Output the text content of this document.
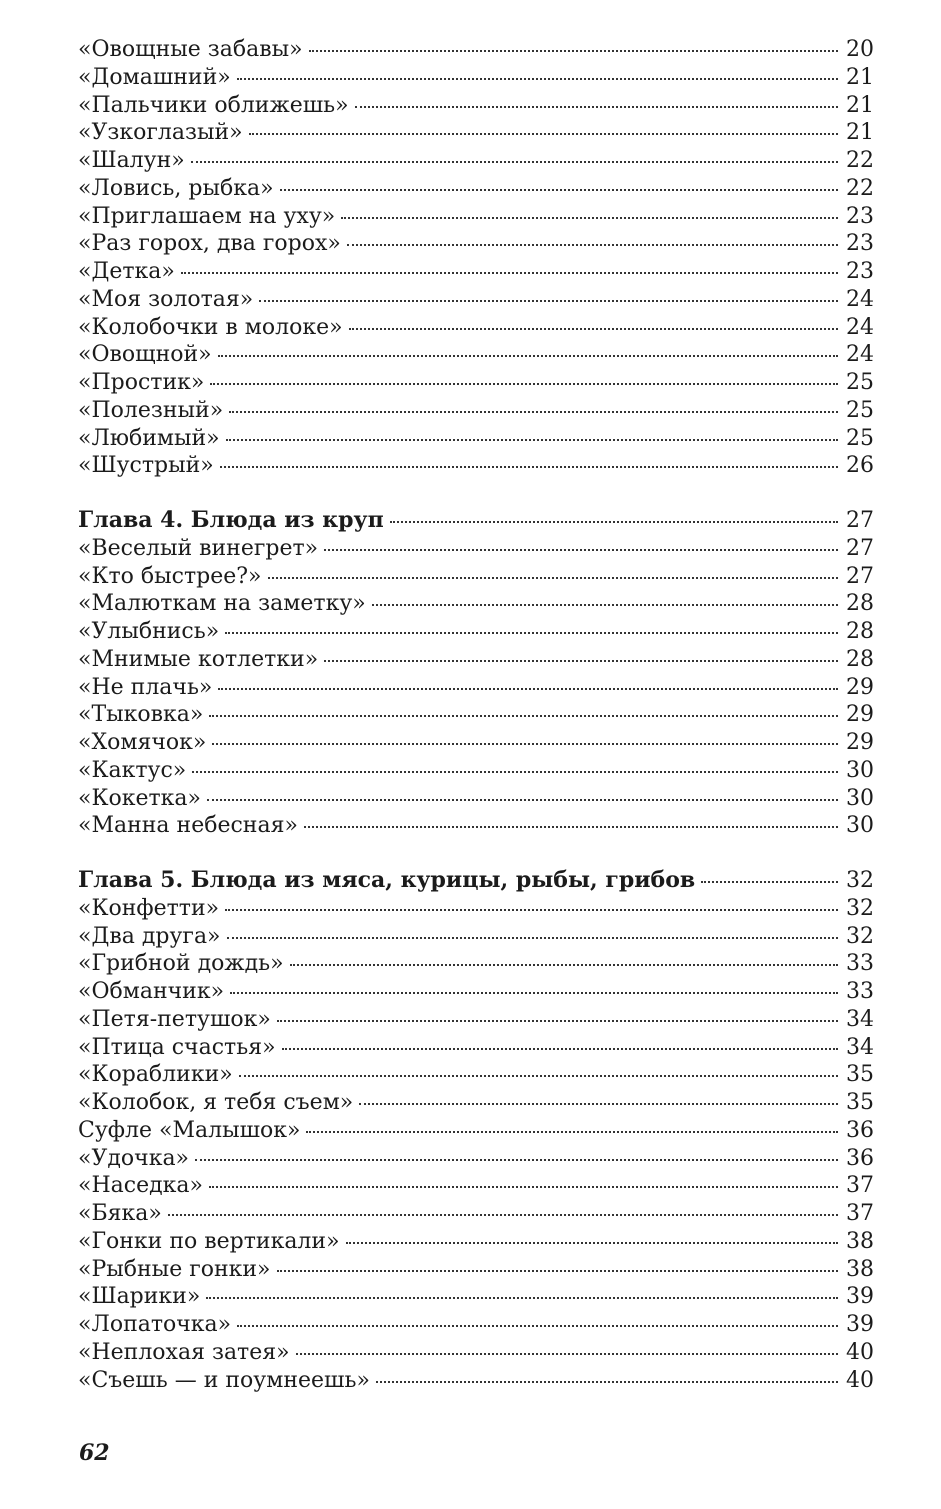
«Овощные забавы»	20
«Домашний»	21
«Пальчики оближешь»	21
«Узкоглазый»	21
«Шалун»	22
«Ловись, рыбка»	22
«Приглашаем на уху»	23
«Раз горох, два горох»	23
«Детка»	23
«Моя золотая»	24
«Колобочки в молоке»	24
«Овощной»	24
«Простик»	25
«Полезный»	25
«Любимый»	25
«Шустрый»	26
Глава 4. Блюда из круп	27
«Веселый винегрет»	27
«Кто быстрее?»	27
«Малюткам на заметку»	28
«Улыбнись»	28
«Мнимые котлетки»	28
«Не плачь»	29
«Тыковка»	29
«Хомячок»	29
«Кактус»	30
«Кокетка»	30
«Манна небесная»	30
Глава 5. Блюда из мяса, курицы, рыбы, грибов	32
«Конфетти»	32
«Два друга»	32
«Грибной дождь»	33
«Обманчик»	33
«Петя-петушок»	34
«Птица счастья»	34
«Кораблики»	35
«Колобок, я тебя съем»	35
Суфле «Малышок»	36
«Удочка»	36
«Наседка»	37
«Бяка»	37
«Гонки по вертикали»	38
«Рыбные гонки»	38
«Шарики»	39
«Лопаточка»	39
«Неплохая затея»	40
«Съешь — и поумнеешь»	40
62
